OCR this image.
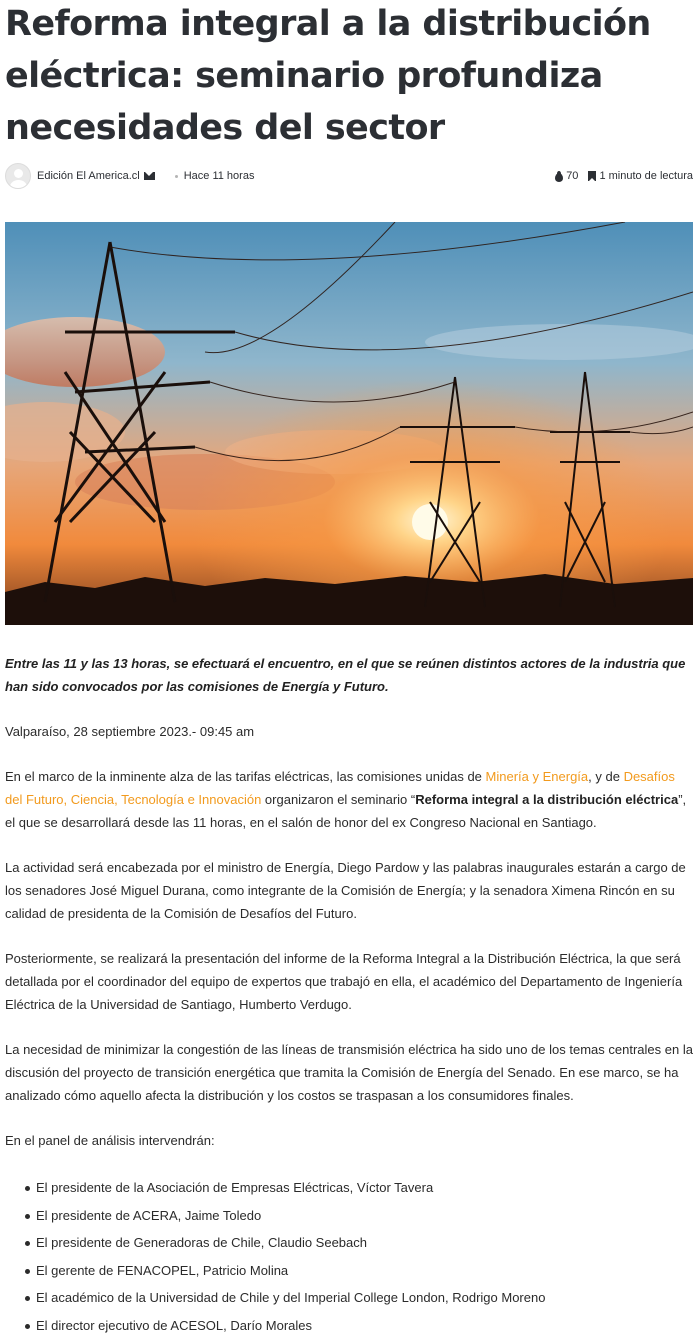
Reforma integral a la distribución eléctrica: seminario profundiza necesidades del sector
Edición El America.cl	Hace 11 horas	70 1 minuto de lectura

Entre las 11 y las 13 horas, se efectuará el encuentro, en el que se reúnen distintos actores de la industria que han sido convocados por las comisiones de Energía y Futuro.

Valparaíso, 28 septiembre 2023.- 09:45 am

En el marco de la inminente alza de las tarifas eléctricas, las comisiones unidas de Minería y Energía, y de Desafíos del Futuro, Ciencia, Tecnología e Innovación organizaron el seminario “Reforma integral a la distribución eléctrica”, el que se desarrollará desde las 11 horas, en el salón de honor del ex Congreso Nacional en Santiago.

La actividad será encabezada por el ministro de Energía, Diego Pardow y las palabras inaugurales estarán a cargo de los senadores José Miguel Durana, como integrante de la Comisión de Energía; y la senadora Ximena Rincón en su calidad de presidenta de la Comisión de Desafíos del Futuro.

Posteriormente, se realizará la presentación del informe de la Reforma Integral a la Distribución Eléctrica, la que será detallada por el coordinador del equipo de expertos que trabajó en ella, el académico del Departamento de Ingeniería Eléctrica de la Universidad de Santiago, Humberto Verdugo.

La necesidad de minimizar la congestión de las líneas de transmisión eléctrica ha sido uno de los temas centrales en la discusión del proyecto de transición energética que tramita la Comisión de Energía del Senado. En ese marco, se ha analizado cómo aquello afecta la distribución y los costos se traspasan a los consumidores finales.

En el panel de análisis intervendrán:

El presidente de la Asociación de Empresas Eléctricas, Víctor Tavera
El presidente de ACERA, Jaime Toledo
El presidente de Generadoras de Chile, Claudio Seebach
El gerente de FENACOPEL, Patricio Molina
El académico de la Universidad de Chile y del Imperial College London, Rodrigo Moreno
El director ejecutivo de ACESOL, Darío Morales
